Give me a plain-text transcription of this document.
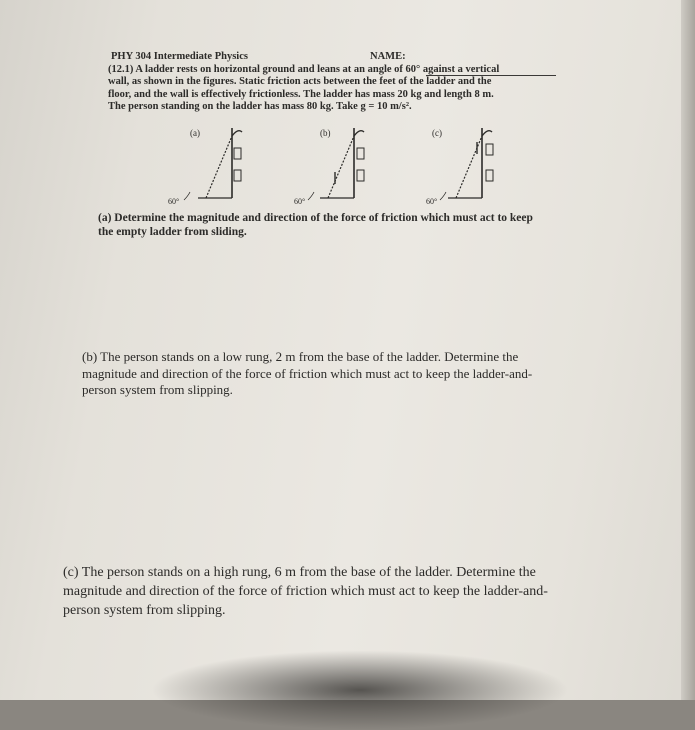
PHY 304 Intermediate Physics	NAME:
(12.1) A ladder rests on horizontal ground and leans at an angle of 60° against a vertical
wall, as shown in the figures. Static friction acts between the feet of the ladder and the
floor, and the wall is effectively frictionless. The ladder has mass 20 kg and length 8 m.
The person standing on the ladder has mass 80 kg. Take g = 10 m/s².
(a)
60°
(b)
60°
(c)
60°
(a) Determine the magnitude and direction of the force of friction which must act to keep
the empty ladder from sliding.
(b) The person stands on a low rung, 2 m from the base of the ladder. Determine the
magnitude and direction of the force of friction which must act to keep the ladder-and-
person system from slipping.
(c) The person stands on a high rung, 6 m from the base of the ladder. Determine the
magnitude and direction of the force of friction which must act to keep the ladder-and-
person system from slipping.
